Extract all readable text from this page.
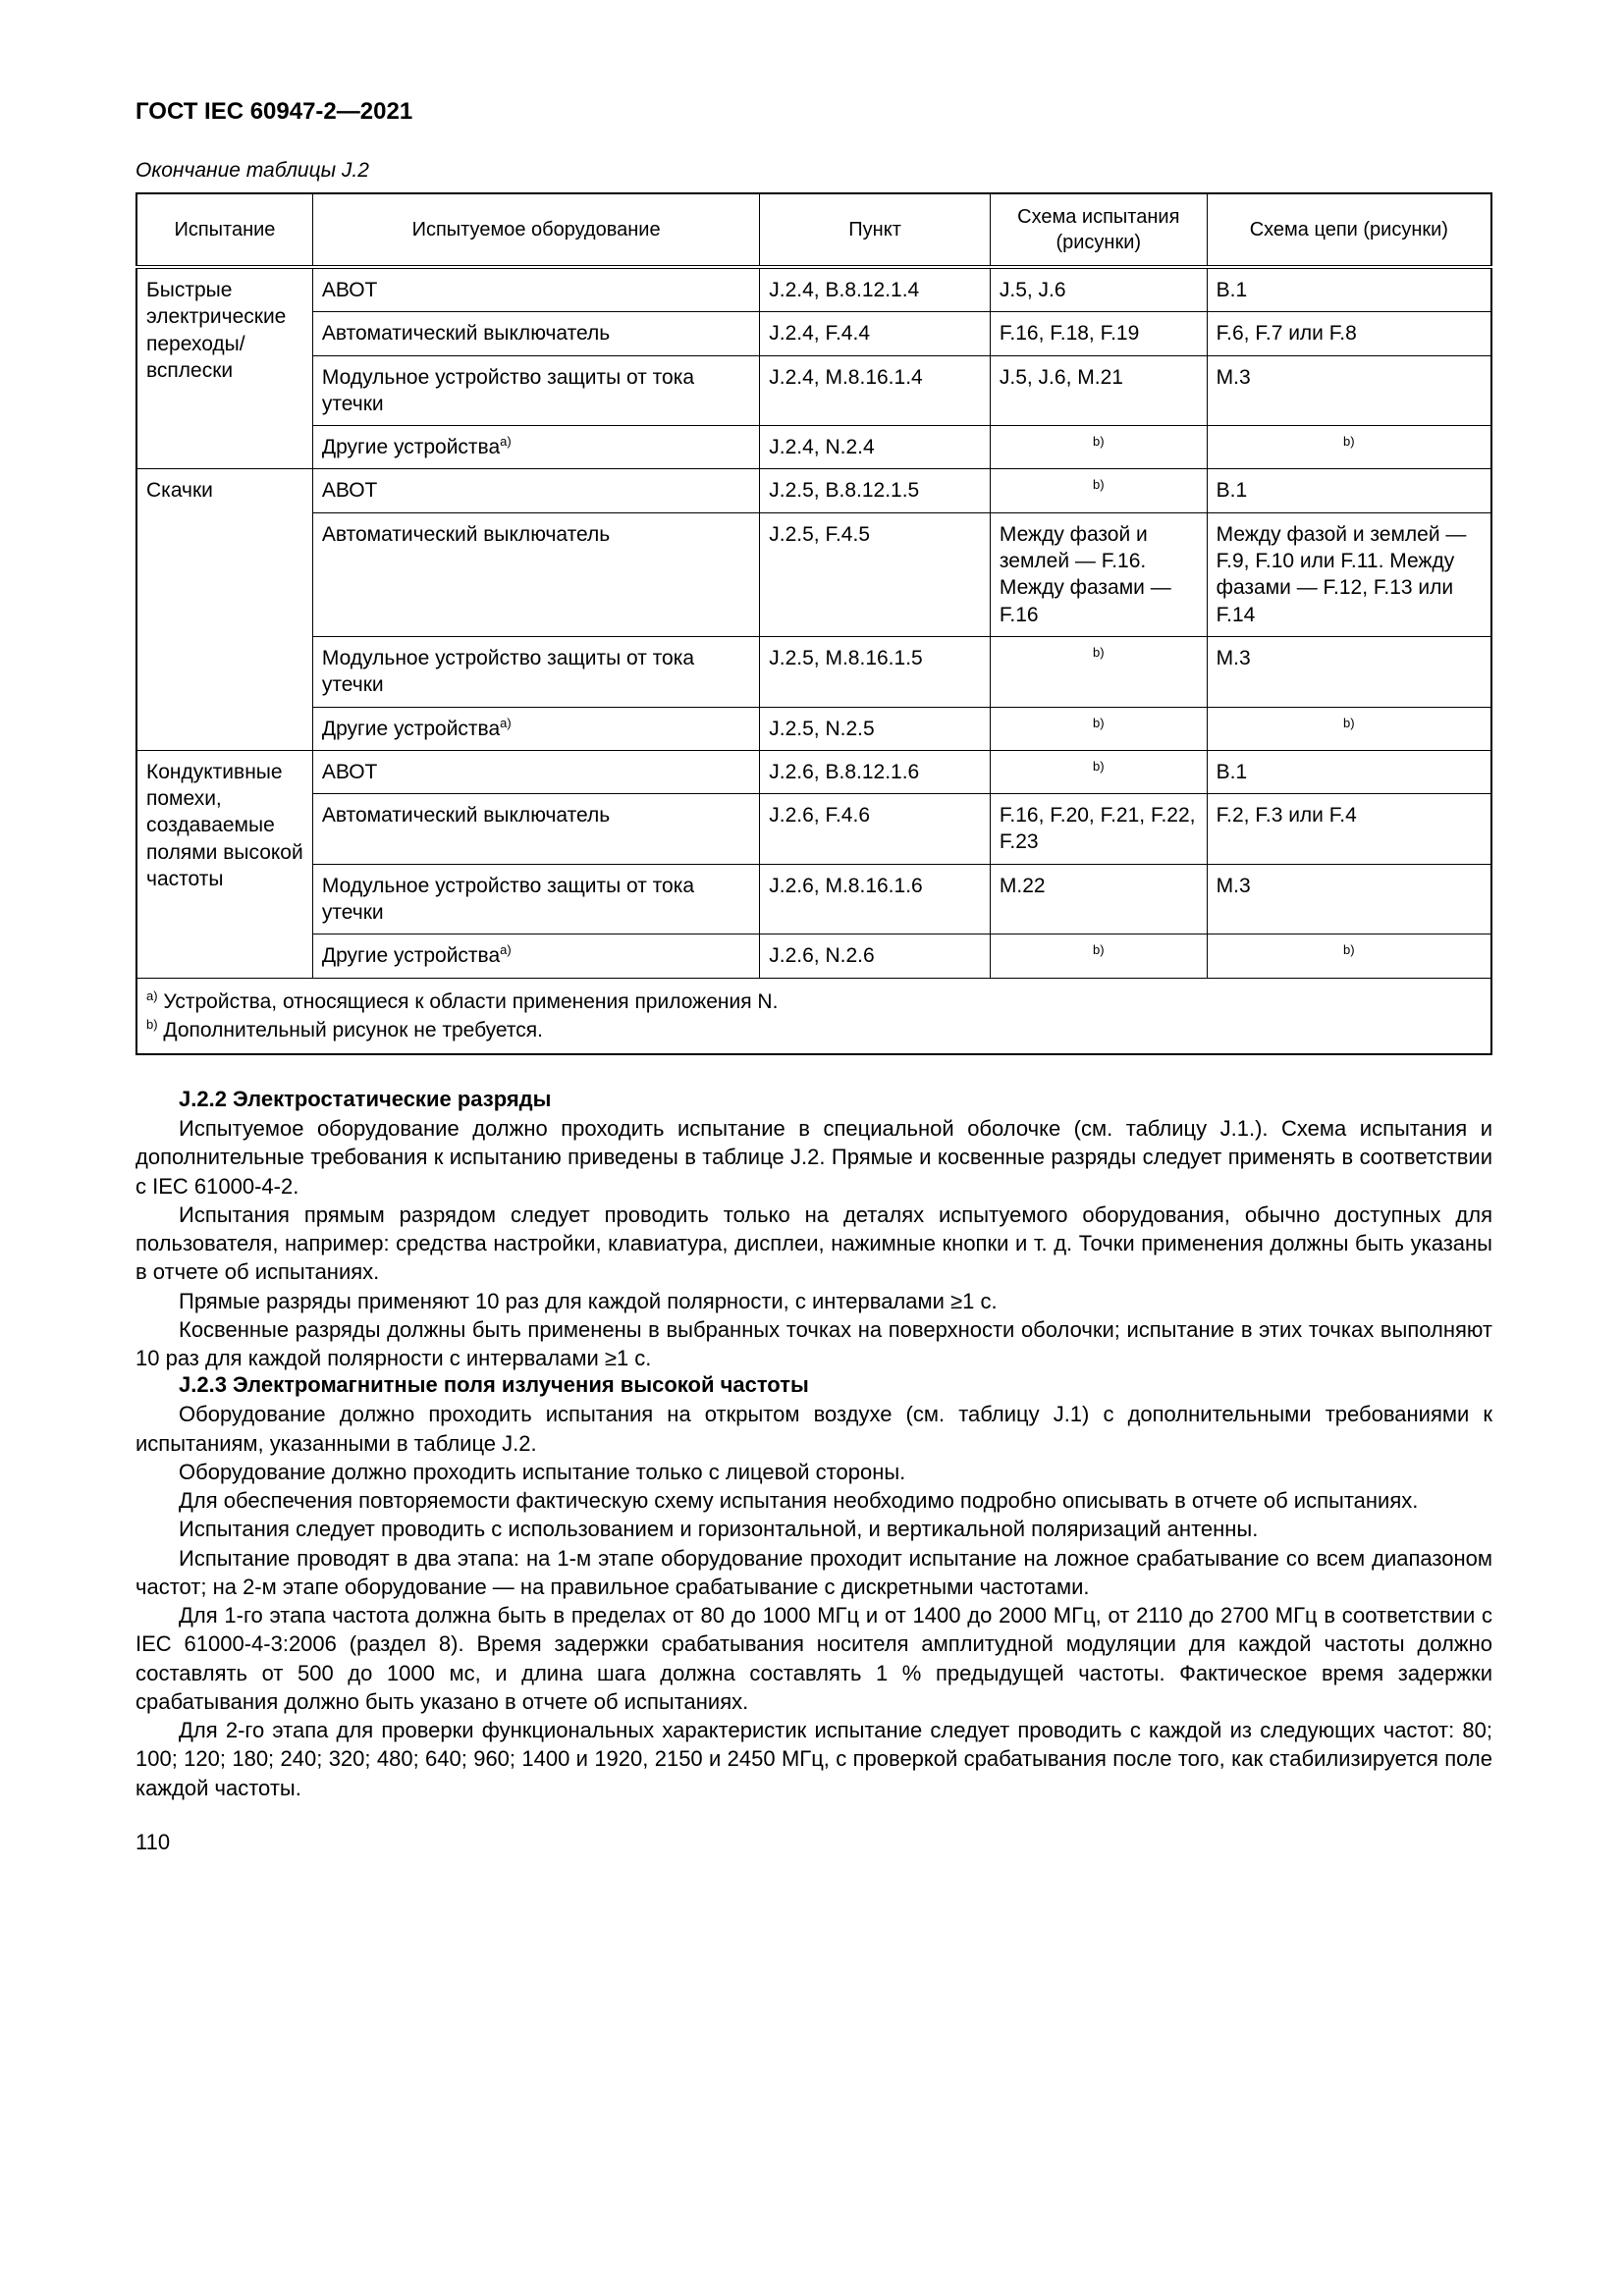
ГОСТ IEC 60947-2—2021
Окончание таблицы J.2
Испытание	Испытуемое оборудование	Пункт	Схема испытания (рисунки)	Схема цепи (рисунки)
Быстрые электрические переходы/всплески	АВОТ	J.2.4, B.8.12.1.4	J.5, J.6	B.1
	Автоматический выключатель	J.2.4, F.4.4	F.16, F.18, F.19	F.6, F.7 или F.8
	Модульное устройство защиты от тока утечки	J.2.4, M.8.16.1.4	J.5, J.6, M.21	M.3
	Другие устройства$^{a)}$	J.2.4, N.2.4	$^{b)}$	$^{b)}$
Скачки	АВОТ	J.2.5, B.8.12.1.5	$^{b)}$	B.1
	Автоматический выключатель	J.2.5, F.4.5	Между фазой и землей — F.16. Между фазами — F.16	Между фазой и землей — F.9, F.10 или F.11. Между фазами — F.12, F.13 или F.14
	Модульное устройство защиты от тока утечки	J.2.5, M.8.16.1.5	$^{b)}$	M.3
	Другие устройства$^{a)}$	J.2.5, N.2.5	$^{b)}$	$^{b)}$
Кондуктивные помехи, создаваемые полями высокой частоты	АВОТ	J.2.6, B.8.12.1.6	$^{b)}$	B.1
	Автоматический выключатель	J.2.6, F.4.6	F.16, F.20, F.21, F.22, F.23	F.2, F.3 или F.4
	Модульное устройство защиты от тока утечки	J.2.6, M.8.16.1.6	M.22	M.3
	Другие устройства$^{a)}$	J.2.6, N.2.6	$^{b)}$	$^{b)}$

$^{a)}$ Устройства, относящиеся к области применения приложения N.
$^{b)}$ Дополнительный рисунок не требуется.				
J.2.2 Электростатические разряды

Испытуемое оборудование должно проходить испытание в специальной оболочке (см. таблицу J.1.). Схема испытания и дополнительные требования к испытанию приведены в таблице J.2. Прямые и косвенные разряды следует применять в соответствии с IEC 61000-4-2.

Испытания прямым разрядом следует проводить только на деталях испытуемого оборудования, обычно доступных для пользователя, например: средства настройки, клавиатура, дисплеи, нажимные кнопки и т. д. Точки применения должны быть указаны в отчете об испытаниях.

Прямые разряды применяют 10 раз для каждой полярности, с интервалами ≥1 с.

Косвенные разряды должны быть применены в выбранных точках на поверхности оболочки; испытание в этих точках выполняют 10 раз для каждой полярности с интервалами ≥1 с.

J.2.3 Электромагнитные поля излучения высокой частоты

Оборудование должно проходить испытания на открытом воздухе (см. таблицу J.1) с дополнительными требованиями к испытаниям, указанными в таблице J.2.

Оборудование должно проходить испытание только с лицевой стороны.

Для обеспечения повторяемости фактическую схему испытания необходимо подробно описывать в отчете об испытаниях.

Испытания следует проводить с использованием и горизонтальной, и вертикальной поляризаций антенны.

Испытание проводят в два этапа: на 1-м этапе оборудование проходит испытание на ложное срабатывание со всем диапазоном частот; на 2-м этапе оборудование — на правильное срабатывание с дискретными частотами.

Для 1-го этапа частота должна быть в пределах от 80 до 1000 МГц и от 1400 до 2000 МГц, от 2110 до 2700 МГц в соответствии с IEC 61000-4-3:2006 (раздел 8). Время задержки срабатывания носителя амплитудной модуляции для каждой частоты должно составлять от 500 до 1000 мс, и длина шага должна составлять 1 % предыдущей частоты. Фактическое время задержки срабатывания должно быть указано в отчете об испытаниях.

Для 2-го этапа для проверки функциональных характеристик испытание следует проводить с каждой из следующих частот: 80; 100; 120; 180; 240; 320; 480; 640; 960; 1400 и 1920, 2150 и 2450 МГц, с проверкой срабатывания после того, как стабилизируется поле каждой частоты.

110
